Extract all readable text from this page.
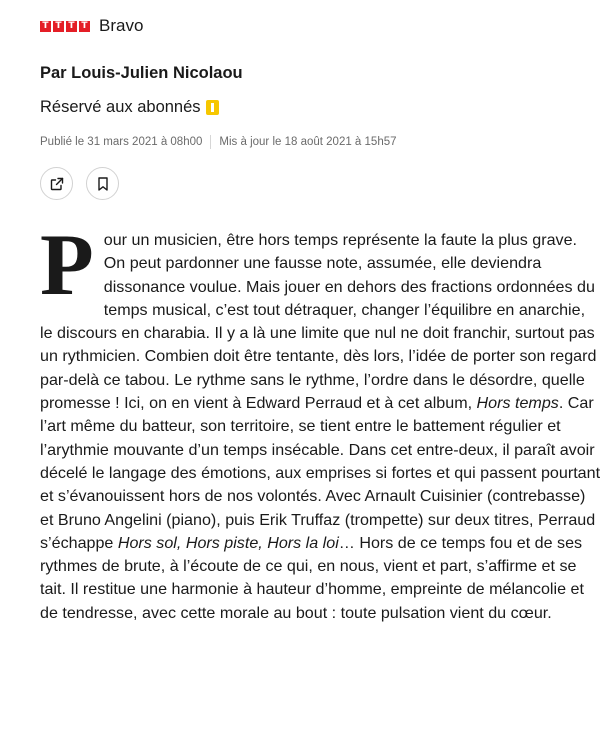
T T T T Bravo
Par Louis-Julien Nicolaou
Réservé aux abonnés
Publié le 31 mars 2021 à 08h00 Mis à jour le 18 août 2021 à 15h57
Pour un musicien, être hors temps représente la faute la plus grave. On peut pardonner une fausse note, assumée, elle deviendra dissonance voulue. Mais jouer en dehors des fractions ordonnées du temps musical, c’est tout détraquer, changer l’équilibre en anarchie, le discours en charabia. Il y a là une limite que nul ne doit franchir, surtout pas un rythmicien. Combien doit être tentante, dès lors, l’idée de porter son regard par-delà ce tabou. Le rythme sans le rythme, l’ordre dans le désordre, quelle promesse ! Ici, on en vient à Edward Perraud et à cet album, Hors temps. Car l’art même du batteur, son territoire, se tient entre le battement régulier et l’arythmie mouvante d’un temps insécable. Dans cet entre-deux, il paraît avoir décelé le langage des émotions, aux emprises si fortes et qui passent pourtant et s’évanouissent hors de nos volontés. Avec Arnault Cuisinier (contrebasse) et Bruno Angelini (piano), puis Erik Truffaz (trompette) sur deux titres, Perraud s’échappe Hors sol, Hors piste, Hors la loi… Hors de ce temps fou et de ses rythmes de brute, à l’écoute de ce qui, en nous, vient et part, s’affirme et se tait. Il restitue une harmonie à hauteur d’homme, empreinte de mélancolie et de tendresse, avec cette morale au bout : toute pulsation vient du cœur.
